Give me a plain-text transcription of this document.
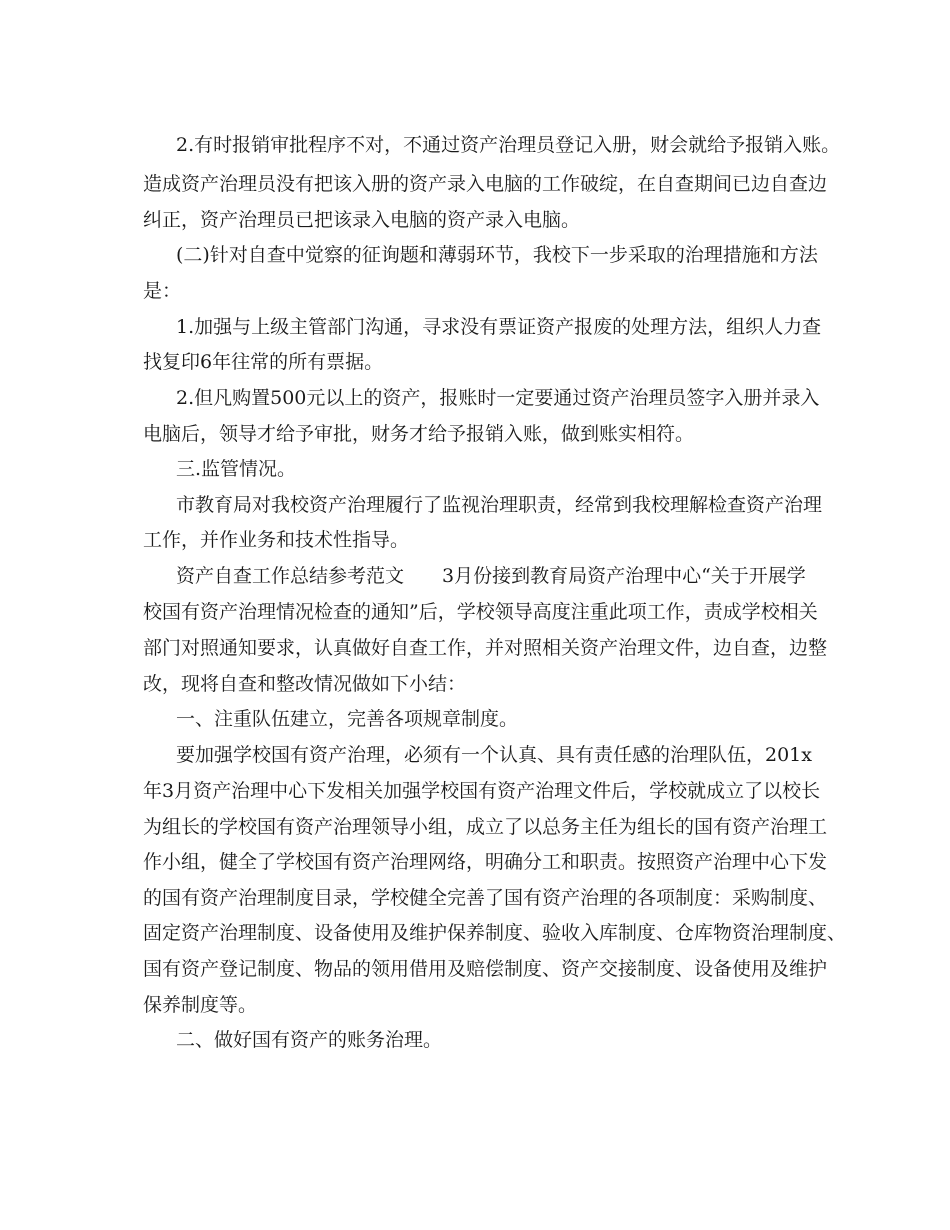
2.有时报销审批程序不对，不通过资产治理员登记入册，财会就给予报销入账。
造成资产治理员没有把该入册的资产录入电脑的工作破绽，在自查期间已边自查边
纠正，资产治理员已把该录入电脑的资产录入电脑。
(二)针对自查中觉察的征询题和薄弱环节，我校下一步采取的治理措施和方法
是：
1.加强与上级主管部门沟通，寻求没有票证资产报废的处理方法，组织人力查
找复印6年往常的所有票据。
2.但凡购置500元以上的资产，报账时一定要通过资产治理员签字入册并录入
电脑后，领导才给予审批，财务才给予报销入账，做到账实相符。
三.监管情况。
市教育局对我校资产治理履行了监视治理职责，经常到我校理解检查资产治理
工作，并作业务和技术性指导。
资产自查工作总结参考范文　　3月份接到教育局资产治理中心“关于开展学
校国有资产治理情况检查的通知”后，学校领导高度注重此项工作，责成学校相关
部门对照通知要求，认真做好自查工作，并对照相关资产治理文件，边自查，边整
改，现将自查和整改情况做如下小结：
一、注重队伍建立，完善各项规章制度。
要加强学校国有资产治理，必须有一个认真、具有责任感的治理队伍，201x
年3月资产治理中心下发相关加强学校国有资产治理文件后，学校就成立了以校长
为组长的学校国有资产治理领导小组，成立了以总务主任为组长的国有资产治理工
作小组，健全了学校国有资产治理网络，明确分工和职责。按照资产治理中心下发
的国有资产治理制度目录，学校健全完善了国有资产治理的各项制度：采购制度、
固定资产治理制度、设备使用及维护保养制度、验收入库制度、仓库物资治理制度、
国有资产登记制度、物品的领用借用及赔偿制度、资产交接制度、设备使用及维护
保养制度等。
二、做好国有资产的账务治理。
